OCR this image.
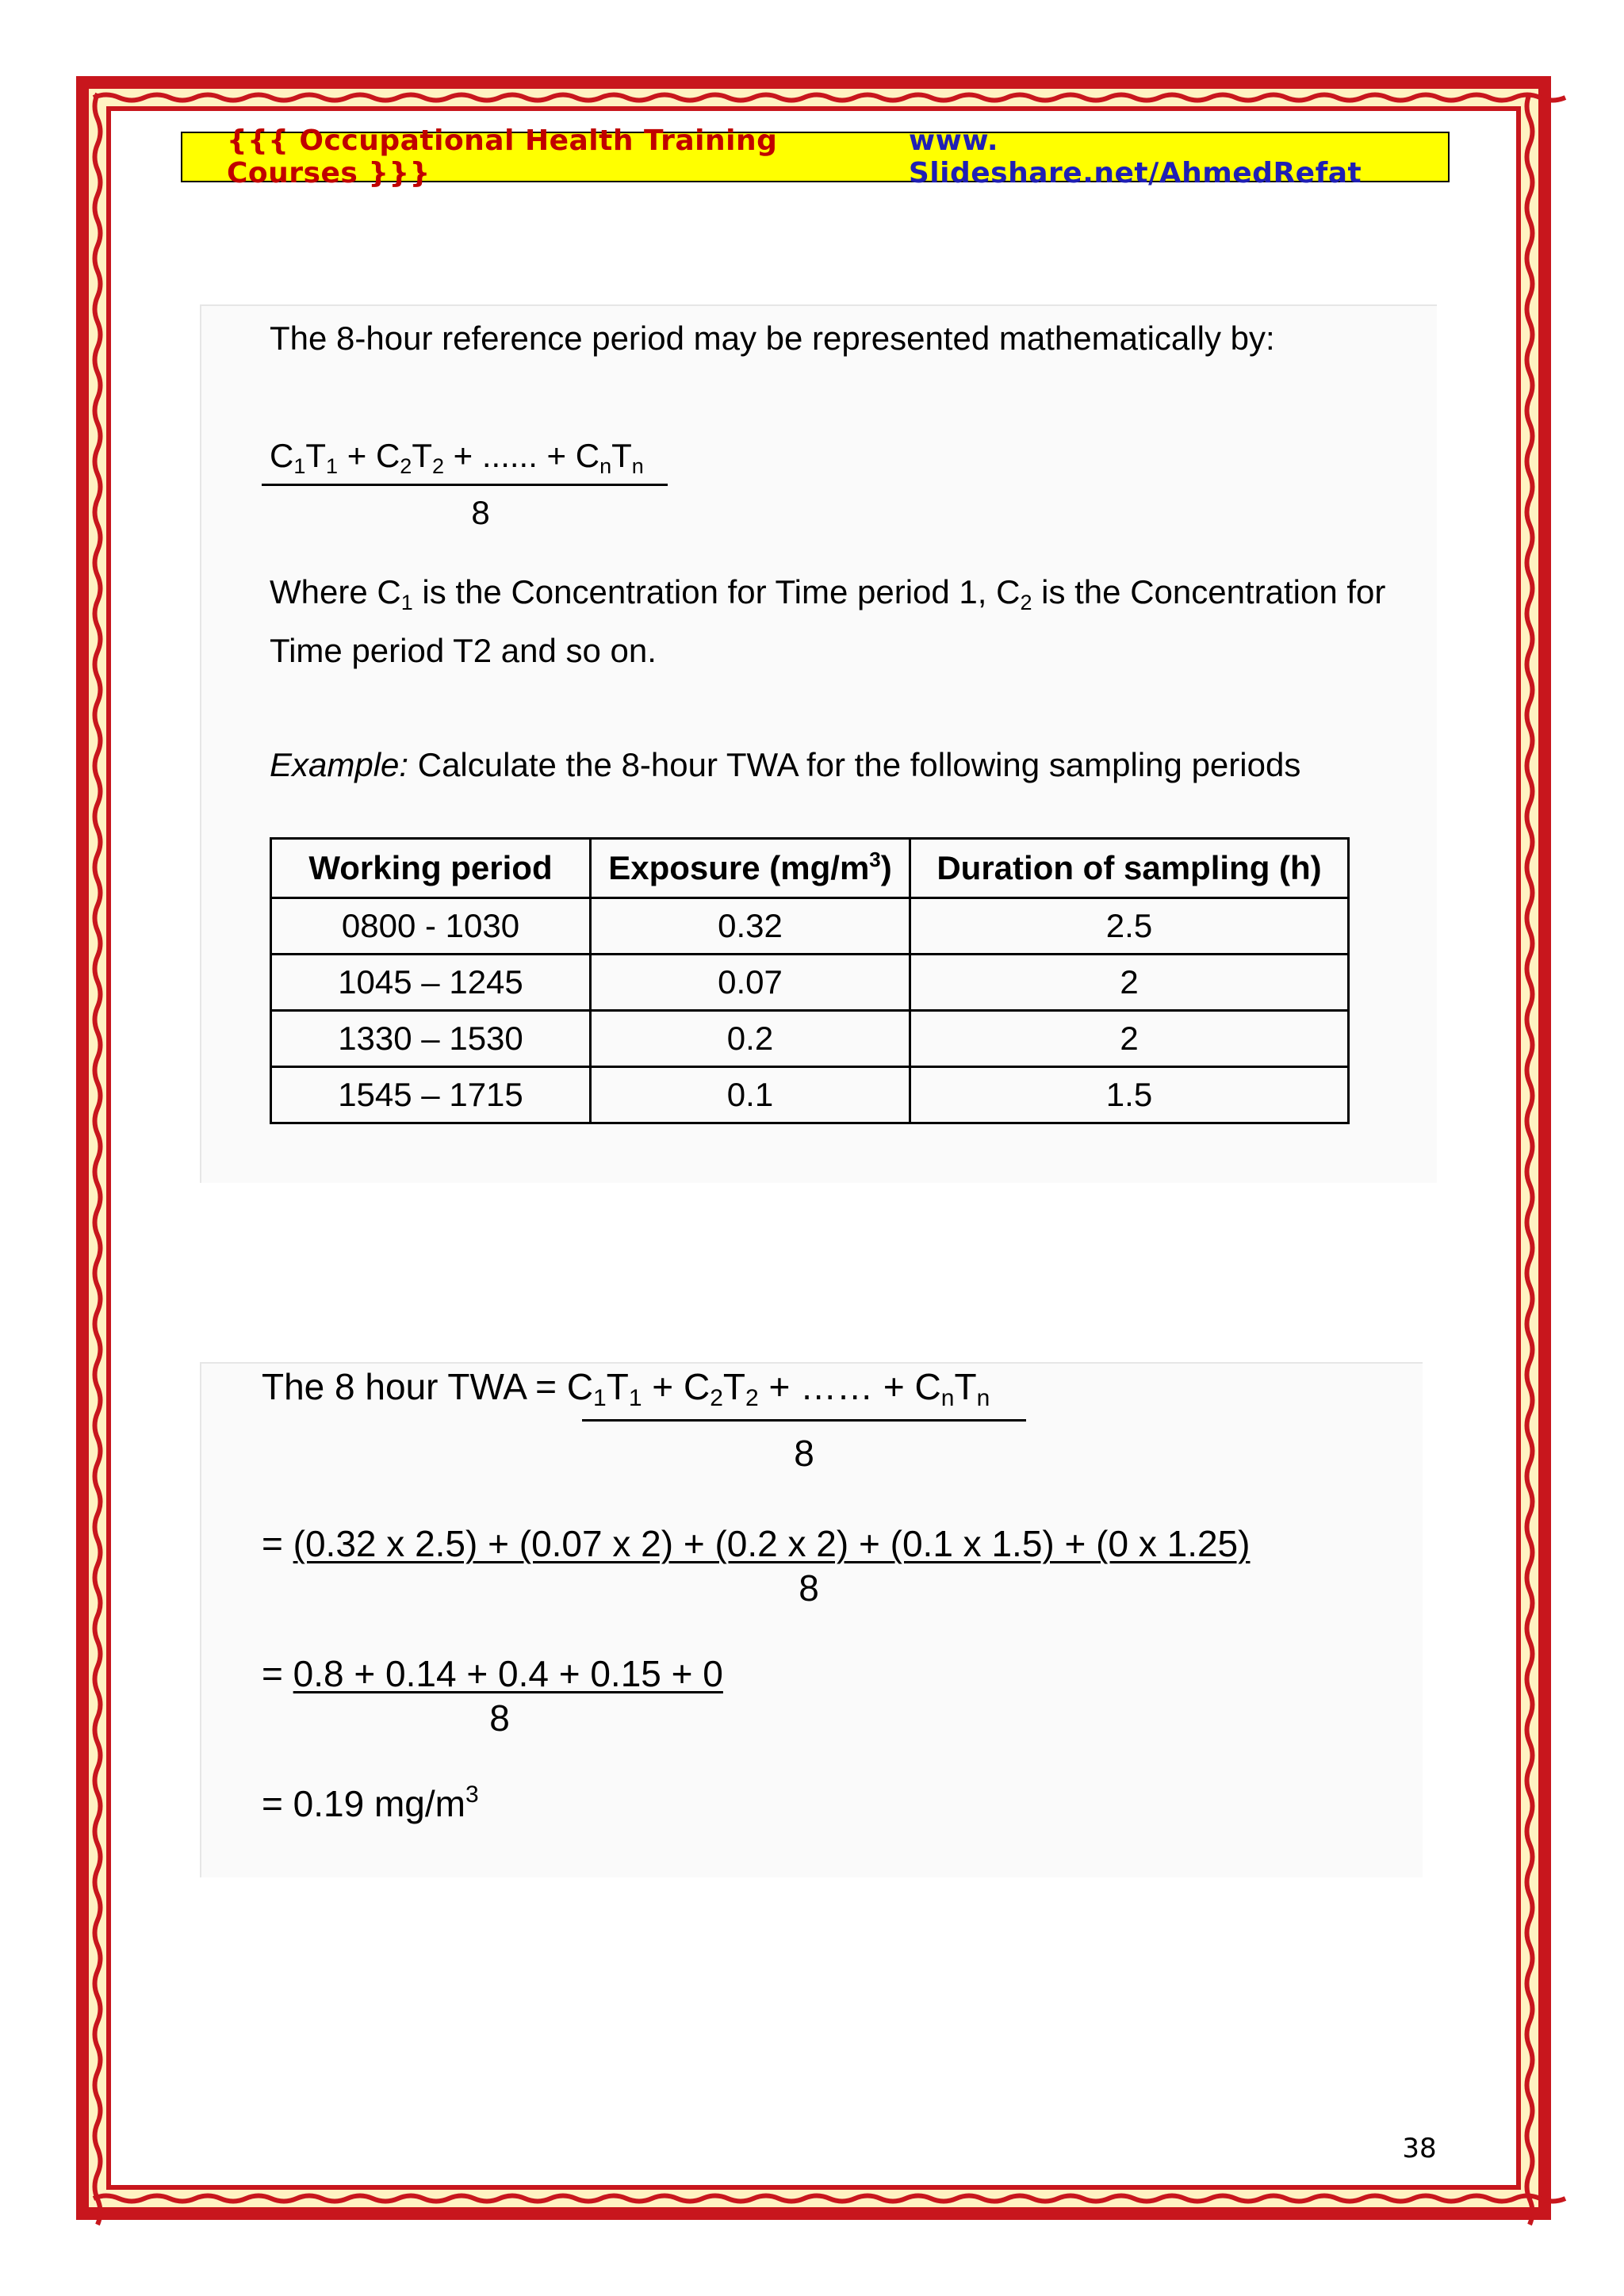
{{{ Occupational Health Training Courses }}}
www. Slideshare.net/AhmedRefat
The 8-hour reference period may be represented mathematically by:
$C_1T_1 + C_2T_2$ + ...... + $C_nT_n$
8
Where $C_1$ is the Concentration for Time period 1, $C_2$ is the Concentration for
Time period T2 and so on.
Example: Calculate the 8-hour TWA for the following sampling periods
Working period	Exposure $(mg/m^3)$	Duration of sampling (h)
0800 - 1030	0.32	2.5
1045 – 1245	0.07	2
1330 – 1530	0.2	2
1545 – 1715	0.1	1.5
The 8 hour TWA = $C_1T_1 + C_2T_2$ + …… + $C_nT_n$
8
= (0.32 x 2.5) + (0.07 x 2) + (0.2 x 2) + (0.1 x 1.5) + (0 x 1.25)
8
= 0.8 + 0.14 + 0.4 + 0.15 + 0
8
= 0.19 $mg/m^3$
38
